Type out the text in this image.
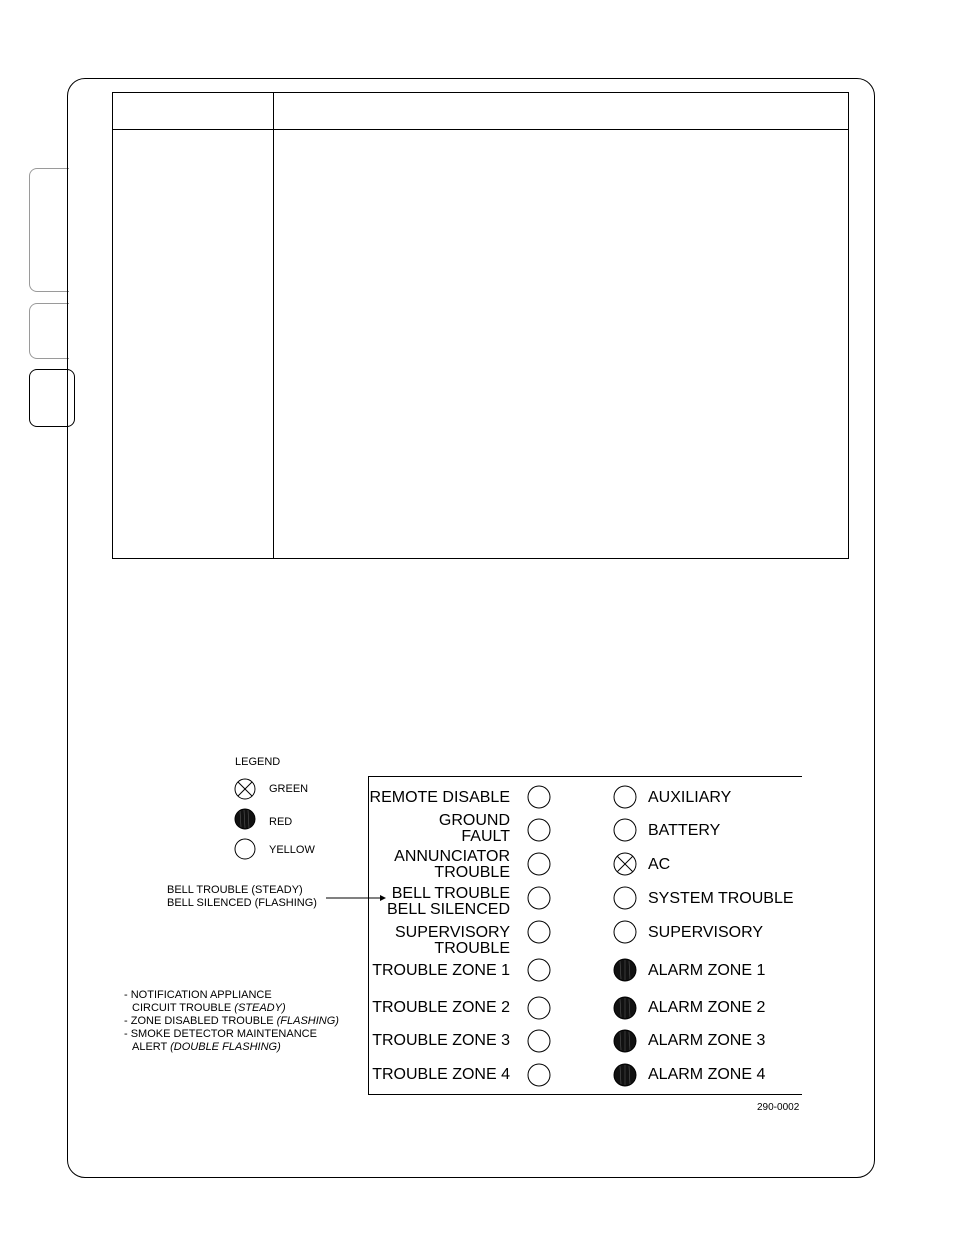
LEGEND
GREEN
RED
YELLOW
BELL TROUBLE (STEADY)
BELL SILENCED (FLASHING)
- NOTIFICATION APPLIANCE
CIRCUIT TROUBLE (STEADY)
- ZONE DISABLED TROUBLE (FLASHING)
- SMOKE DETECTOR MAINTENANCE
ALERT (DOUBLE FLASHING)
REMOTE DISABLE
GROUND
FAULT
ANNUNCIATOR
TROUBLE
BELL TROUBLE
BELL SILENCED
SUPERVISORY
TROUBLE
TROUBLE ZONE 1
TROUBLE ZONE 2
TROUBLE ZONE 3
TROUBLE ZONE 4
AUXILIARY
BATTERY
AC
SYSTEM TROUBLE
SUPERVISORY
ALARM ZONE 1
ALARM ZONE 2
ALARM ZONE 3
ALARM ZONE 4
290-0002
